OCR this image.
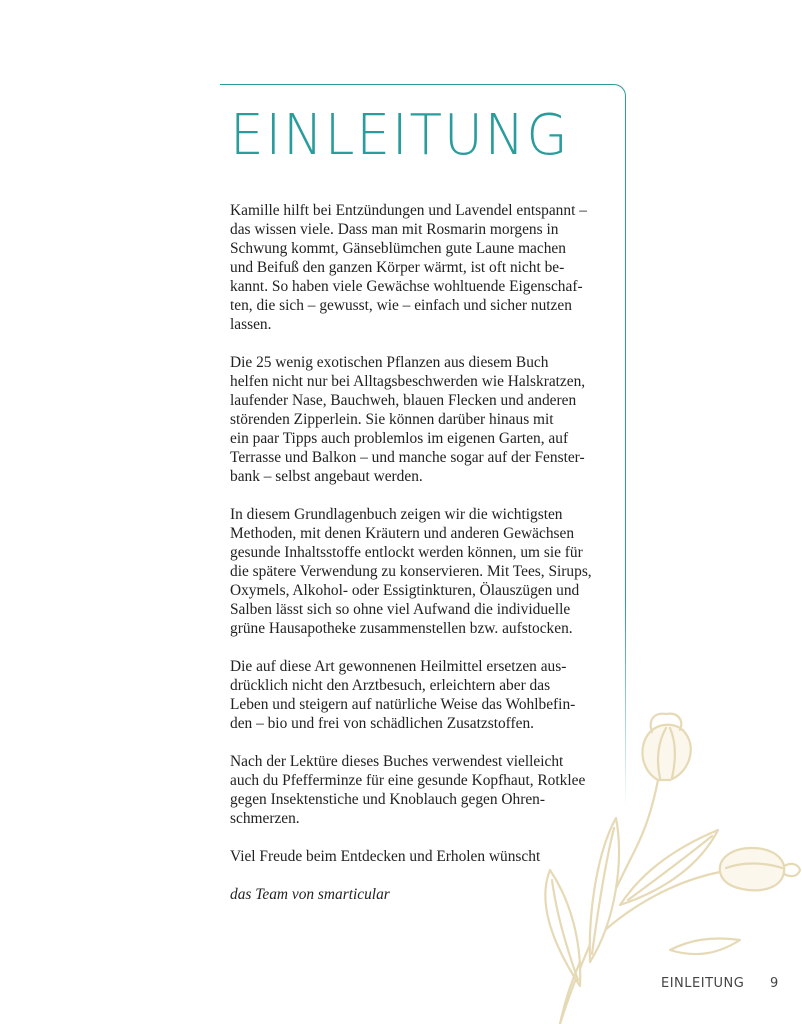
EINLEITUNG

Kamille hilft bei Entzündungen und Lavendel entspannt –
das wissen viele. Dass man mit Rosmarin morgens in
Schwung kommt, Gänseblümchen gute Laune machen
und Beifuß den ganzen Körper wärmt, ist oft nicht be-
kannt. So haben viele Gewächse wohltuende Eigenschaf-
ten, die sich – gewusst, wie – einfach und sicher nutzen
lassen.

Die 25 wenig exotischen Pflanzen aus diesem Buch
helfen nicht nur bei Alltagsbeschwerden wie Halskratzen,
laufender Nase, Bauchweh, blauen Flecken und anderen
störenden Zipperlein. Sie können darüber hinaus mit
ein paar Tipps auch problemlos im eigenen Garten, auf
Terrasse und Balkon – und manche sogar auf der Fenster-
bank – selbst angebaut werden.

In diesem Grundlagenbuch zeigen wir die wichtigsten
Methoden, mit denen Kräutern und anderen Gewächsen
gesunde Inhaltsstoffe entlockt werden können, um sie für
die spätere Verwendung zu konservieren. Mit Tees, Sirups,
Oxymels, Alkohol- oder Essigtinkturen, Ölauszügen und
Salben lässt sich so ohne viel Aufwand die individuelle
grüne Hausapotheke zusammenstellen bzw. aufstocken.

Die auf diese Art gewonnenen Heilmittel ersetzen aus-
drücklich nicht den Arztbesuch, erleichtern aber das
Leben und steigern auf natürliche Weise das Wohlbefin-
den – bio und frei von schädlichen Zusatzstoffen.

Nach der Lektüre dieses Buches verwendest vielleicht
auch du Pfefferminze für eine gesunde Kopfhaut, Rotklee
gegen Insektenstiche und Knoblauch gegen Ohren-
schmerzen.

Viel Freude beim Entdecken und Erholen wünscht

das Team von smarticular

EINLEITUNG 9
